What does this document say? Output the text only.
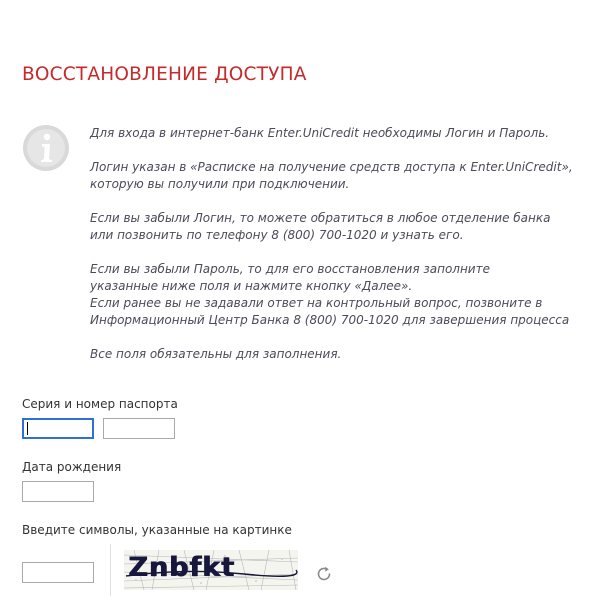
ВОССТАНОВЛЕНИЕ ДОСТУПА

Для входа в интернет-банк Enter.UniCredit необходимы Логин и Пароль.

Логин указан в «Расписке на получение средств доступа к Enter.UniCredit»,
которую вы получили при подключении.

Если вы забыли Логин, то можете обратиться в любое отделение банка
или позвонить по телефону 8 (800) 700-1020 и узнать его.

Если вы забыли Пароль, то для его восстановления заполните
указанные ниже поля и нажмите кнопку «Далее».

Если ранее вы не задавали ответ на контрольный вопрос, позвоните в
Информационный Центр Банка 8 (800) 700-1020 для завершения процесса

Все поля обязательны для заполнения.

Серия и номер паспорта
Дата рождения
Введите символы, указанные на картинке
Znbfkt
